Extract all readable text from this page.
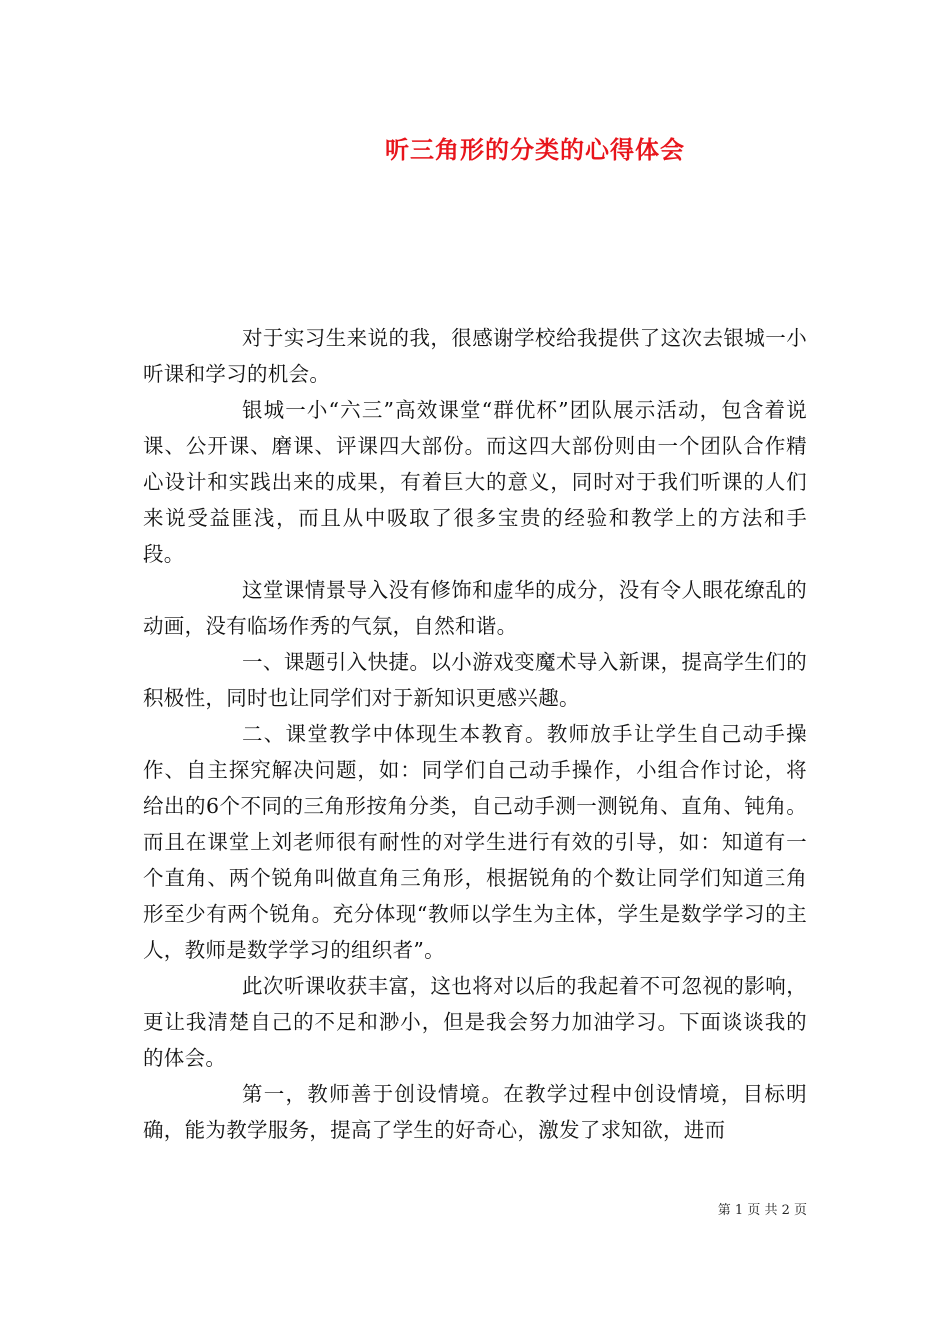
听三角形的分类的心得体会

对于实习生来说的我，很感谢学校给我提供了这次去银城一小听课和学习的机会。

银城一小“六三”高效课堂“群优杯”团队展示活动，包含着说课、公开课、磨课、评课四大部份。而这四大部份则由一个团队合作精心设计和实践出来的成果，有着巨大的意义，同时对于我们听课的人们来说受益匪浅，而且从中吸取了很多宝贵的经验和教学上的方法和手段。

这堂课情景导入没有修饰和虚华的成分，没有令人眼花缭乱的动画，没有临场作秀的气氛，自然和谐。

一、课题引入快捷。以小游戏变魔术导入新课，提高学生们的积极性，同时也让同学们对于新知识更感兴趣。

二、课堂教学中体现生本教育。教师放手让学生自己动手操作、自主探究解决问题，如：同学们自己动手操作，小组合作讨论，将给出的6个不同的三角形按角分类，自己动手测一测锐角、直角、钝角。而且在课堂上刘老师很有耐性的对学生进行有效的引导，如：知道有一个直角、两个锐角叫做直角三角形，根据锐角的个数让同学们知道三角形至少有两个锐角。充分体现“教师以学生为主体，学生是数学学习的主人，教师是数学学习的组织者”。

此次听课收获丰富，这也将对以后的我起着不可忽视的影响，更让我清楚自己的不足和渺小，但是我会努力加油学习。下面谈谈我的的体会。

第一，教师善于创设情境。在教学过程中创设情境，目标明确，能为教学服务，提高了学生的好奇心，激发了求知欲，进而

第 1 页 共 2 页
